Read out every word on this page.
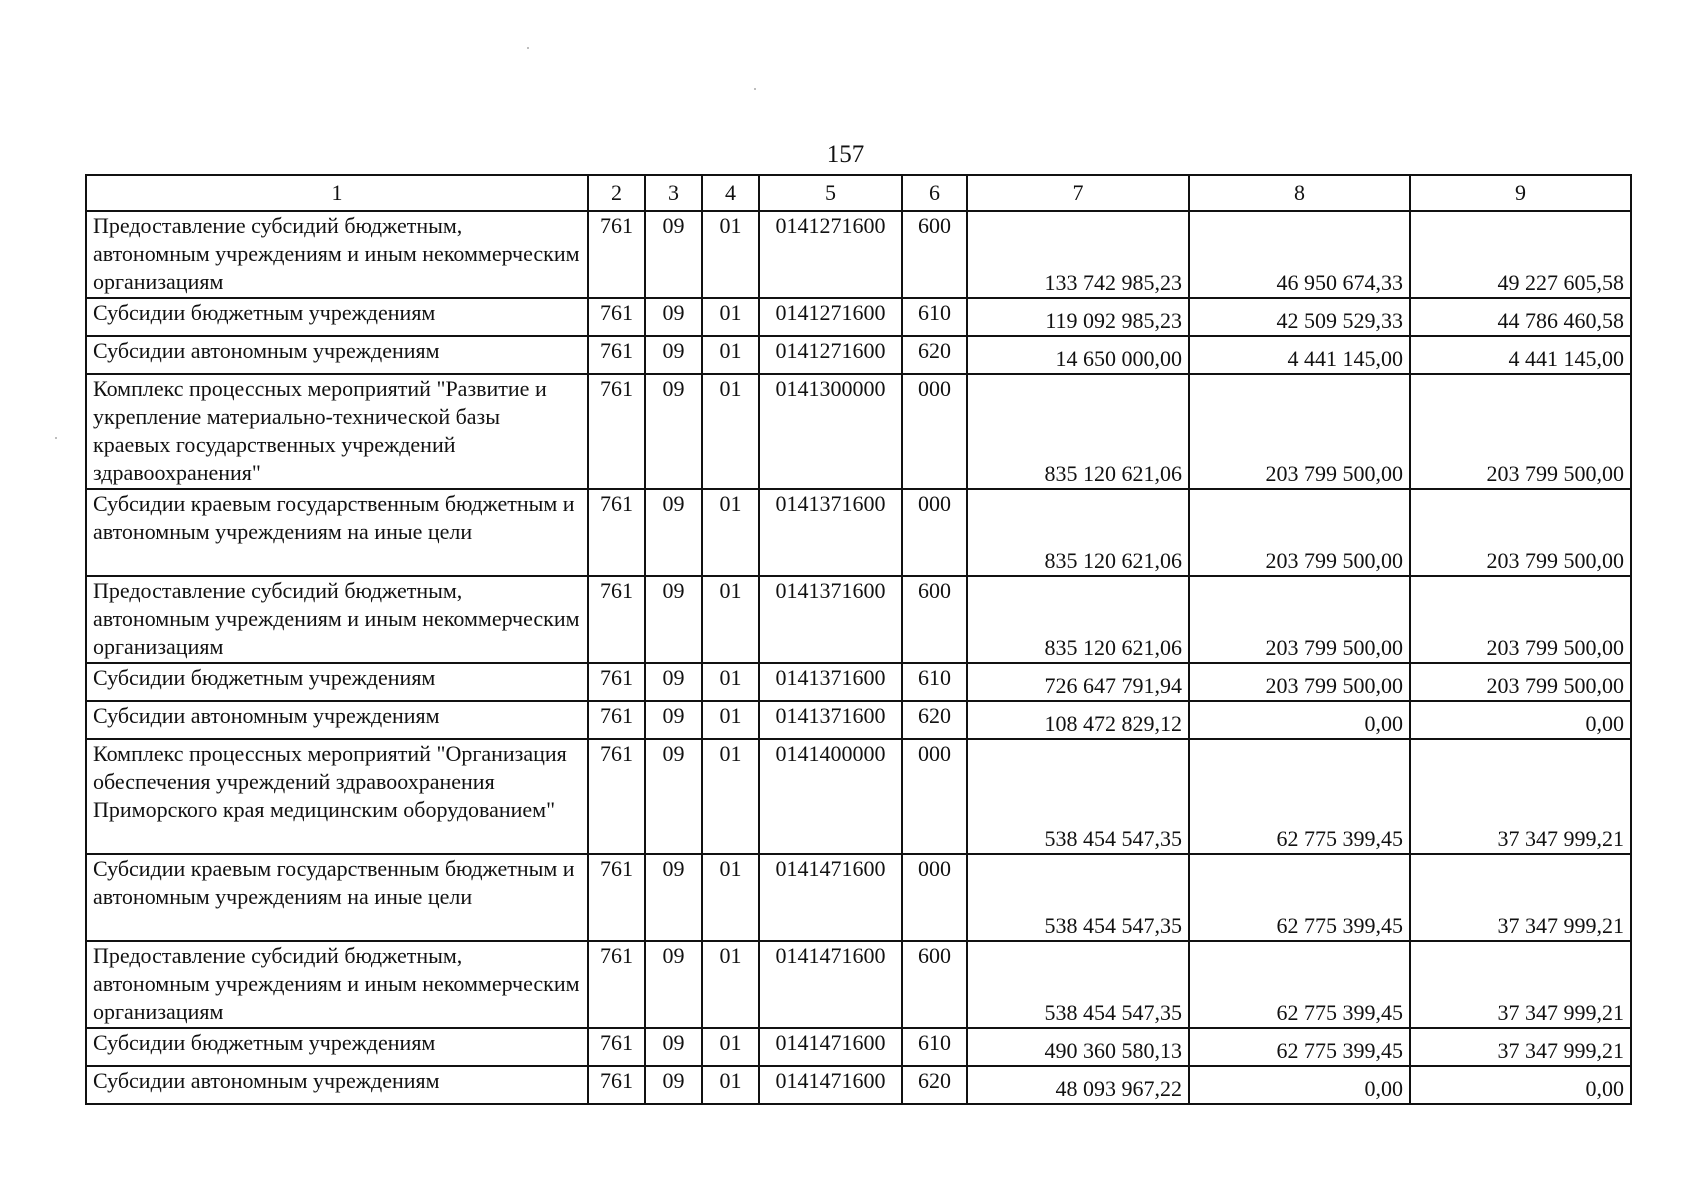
157
1	2	3	4	5	6	7	8	9
Предоставление субсидий бюджетным, автономным учреждениям и иным некоммерческим организациям	761	09	01	0141271600	600	133 742 985,23	46 950 674,33	49 227 605,58
Субсидии бюджетным учреждениям	761	09	01	0141271600	610	119 092 985,23	42 509 529,33	44 786 460,58
Субсидии автономным учреждениям	761	09	01	0141271600	620	14 650 000,00	4 441 145,00	4 441 145,00
Комплекс процессных мероприятий "Развитие и укрепление материально-технической базы краевых государственных учреждений здравоохранения"	761	09	01	0141300000	000	835 120 621,06	203 799 500,00	203 799 500,00
Субсидии краевым государственным бюджетным и автономным учреждениям на иные цели	761	09	01	0141371600	000	835 120 621,06	203 799 500,00	203 799 500,00
Предоставление субсидий бюджетным, автономным учреждениям и иным некоммерческим организациям	761	09	01	0141371600	600	835 120 621,06	203 799 500,00	203 799 500,00
Субсидии бюджетным учреждениям	761	09	01	0141371600	610	726 647 791,94	203 799 500,00	203 799 500,00
Субсидии автономным учреждениям	761	09	01	0141371600	620	108 472 829,12	0,00	0,00
Комплекс процессных мероприятий "Организация обеспечения учреждений здравоохранения Приморского края медицинским оборудованием"	761	09	01	0141400000	000	538 454 547,35	62 775 399,45	37 347 999,21
Субсидии краевым государственным бюджетным и автономным учреждениям на иные цели	761	09	01	0141471600	000	538 454 547,35	62 775 399,45	37 347 999,21
Предоставление субсидий бюджетным, автономным учреждениям и иным некоммерческим организациям	761	09	01	0141471600	600	538 454 547,35	62 775 399,45	37 347 999,21
Субсидии бюджетным учреждениям	761	09	01	0141471600	610	490 360 580,13	62 775 399,45	37 347 999,21
Субсидии автономным учреждениям	761	09	01	0141471600	620	48 093 967,22	0,00	0,00
